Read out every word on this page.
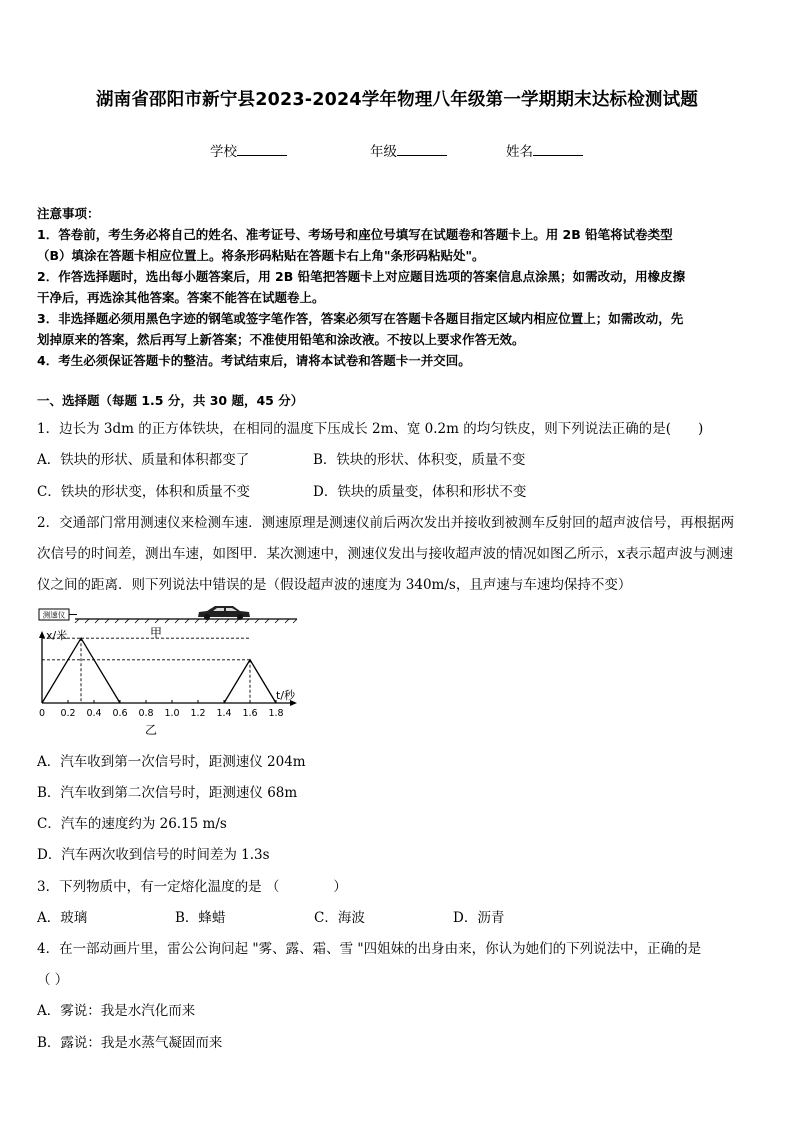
湖南省邵阳市新宁县2023-2024学年物理八年级第一学期期末达标检测试题
学校	年级	姓名
注意事项：
1．答卷前，考生务必将自己的姓名、准考证号、考场号和座位号填写在试题卷和答题卡上。用 2B 铅笔将试卷类型
（B）填涂在答题卡相应位置上。将条形码粘贴在答题卡右上角"条形码粘贴处"。
2．作答选择题时，选出每小题答案后，用 2B 铅笔把答题卡上对应题目选项的答案信息点涂黑；如需改动，用橡皮擦
干净后，再选涂其他答案。答案不能答在试题卷上。
3．非选择题必须用黑色字迹的钢笔或签字笔作答，答案必须写在答题卡各题目指定区域内相应位置上；如需改动，先
划掉原来的答案，然后再写上新答案；不准使用铅笔和涂改液。不按以上要求作答无效。
4．考生必须保证答题卡的整洁。考试结束后，请将本试卷和答题卡一并交回。
一、选择题（每题 1.5 分，共 30 题，45 分）
1．边长为 3dm 的正方体铁块，在相同的温度下压成长 2m、宽 0.2m 的均匀铁皮，则下列说法正确的是(　　)
A．铁块的形状、质量和体积都变了	B．铁块的形状、体积变，质量不变
C．铁块的形状变，体积和质量不变	D．铁块的质量变，体积和形状不变
2．交通部门常用测速仪来检测车速．测速原理是测速仪前后两次发出并接收到被测车反射回的超声波信号，再根据两
次信号的时间差，测出车速，如图甲．某次测速中，测速仪发出与接收超声波的情况如图乙所示，x表示超声波与测速
仪之间的距离．则下列说法中错误的是（假设超声波的速度为 340m/s，且声速与车速均保持不变）
测速仪
甲
x/米
t/秒
乙
0 0.2 0.4 0.6 0.8 1.0 1.2 1.4 1.6 1.8
A．汽车收到第一次信号时，距测速仪 204m
B．汽车收到第二次信号时，距测速仪 68m
C．汽车的速度约为 26.15 m/s
D．汽车两次收到信号的时间差为 1.3s
3．下列物质中，有一定熔化温度的是 （　　　　）
A．玻璃	B．蜂蜡	C．海波	D．沥青
4．在一部动画片里，雷公公询问起 "雾、露、霜、雪 "四姐妹的出身由来，你认为她们的下列说法中，正确的是
（ ）
A．雾说：我是水汽化而来
B．露说：我是水蒸气凝固而来
